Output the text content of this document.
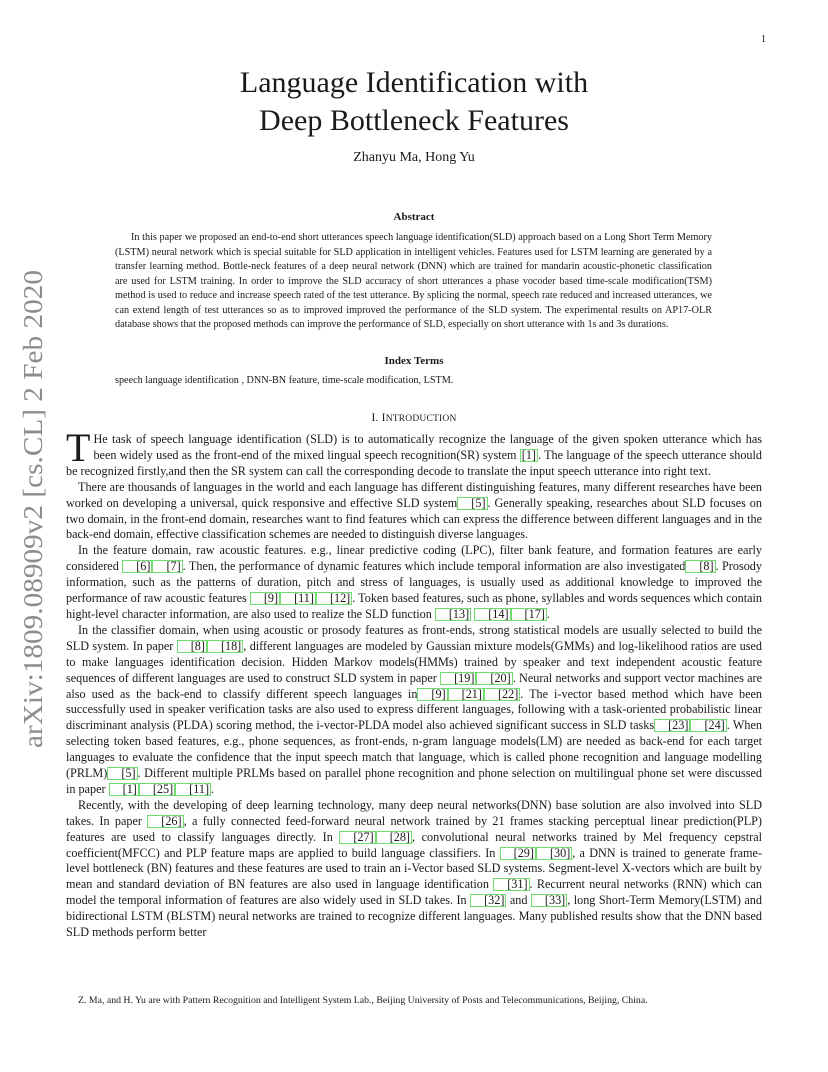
1
arXiv:1809.08909v2 [cs.CL] 2 Feb 2020
Language Identification with
Deep Bottleneck Features
Zhanyu Ma, Hong Yu
Abstract

In this paper we proposed an end-to-end short utterances speech language identification(SLD) approach based on a Long Short Term Memory (LSTM) neural network which is special suitable for SLD application in intelligent vehicles. Features used for LSTM learning are generated by a transfer learning method. Bottle-neck features of a deep neural network (DNN) which are trained for mandarin acoustic-phonetic classification are used for LSTM training. In order to improve the SLD accuracy of short utterances a phase vocoder based time-scale modification(TSM) method is used to reduce and increase speech rated of the test utterance. By splicing the normal, speech rate reduced and increased utterances, we can extend length of test utterances so as to improved improved the performance of the SLD system. The experimental results on AP17-OLR database shows that the proposed methods can improve the performance of SLD, especially on short utterance with 1s and 3s durations.

Index Terms

speech language identification , DNN-BN feature, time-scale modification, LSTM.

I. INTRODUCTION

T He task of speech language identification (SLD) is to automatically recognize the language of the given spoken utterance which has been widely used as the front-end of the mixed lingual speech recognition(SR) system [1] . The language of the speech utterance should be recognized firstly,and then the SR system can call the corresponding decode to translate the input speech utterance into right text.

There are thousands of languages in the world and each language has different distinguishing features, many different researches have been worked on developing a universal, quick responsive and effective SLD system [5] . Generally speaking, researches about SLD focuses on two domain, in the front-end domain, researches want to find features which can express the difference between different languages and in the back-end domain, effective classification schemes are needed to distinguish diverse languages.

In the feature domain, raw acoustic features. e.g., linear predictive coding (LPC), filter bank feature, and formation features are early considered [6] [7] . Then, the performance of dynamic features which include temporal information are also investigated [8] . Prosody information, such as the patterns of duration, pitch and stress of languages, is usually used as additional knowledge to improved the performance of raw acoustic features [9] [11] [12] . Token based features, such as phone, syllables and words sequences which contain hight-level character information, are also used to realize the SLD function [13] [14] [17] .

In the classifier domain, when using acoustic or prosody features as front-ends, strong statistical models are usually selected to build the SLD system. In paper [8] [18] , different languages are modeled by Gaussian mixture models(GMMs) and log-likelihood ratios are used to make languages identification decision. Hidden Markov models(HMMs) trained by speaker and text independent acoustic feature sequences of different languages are used to construct SLD system in paper [19] [20] . Neural networks and support vector machines are also used as the back-end to classify different speech languages in [9] [21] [22] . The i-vector based method which have been successfully used in speaker verification tasks are also used to express different languages, following with a task-oriented probabilistic linear discriminant analysis (PLDA) scoring method, the i-vector-PLDA model also achieved significant success in SLD tasks [23] [24] . When selecting token based features, e.g., phone sequences, as front-ends, n-gram language models(LM) are needed as back-end for each target languages to evaluate the confidence that the input speech match that language, which is called phone recognition and language modelling (PRLM) [5] . Different multiple PRLMs based on parallel phone recognition and phone selection on multilingual phone set were discussed in paper [1] [25] [11] .

Recently, with the developing of deep learning technology, many deep neural networks(DNN) base solution are also involved into SLD takes. In paper [26] , a fully connected feed-forward neural network trained by 21 frames stacking perceptual linear prediction(PLP) features are used to classify languages directly. In [27] [28] , convolutional neural networks trained by Mel frequency cepstral coefficient(MFCC) and PLP feature maps are applied to build language classifiers. In [29] [30] , a DNN is trained to generate frame-level bottleneck (BN) features and these features are used to train an i-Vector based SLD systems. Segment-level X-vectors which are built by mean and standard deviation of BN features are also used in language identification [31] . Recurrent neural networks (RNN) which can model the temporal information of features are also widely used in SLD takes. In [32] and [33] , long Short-Term Memory(LSTM) and bidirectional LSTM (BLSTM) neural networks are trained to recognize different languages. Many published results show that the DNN based SLD methods perform better

Z. Ma, and H. Yu are with Pattern Recognition and Intelligent System Lab., Beijing University of Posts and Telecommunications, Beijing, China.
